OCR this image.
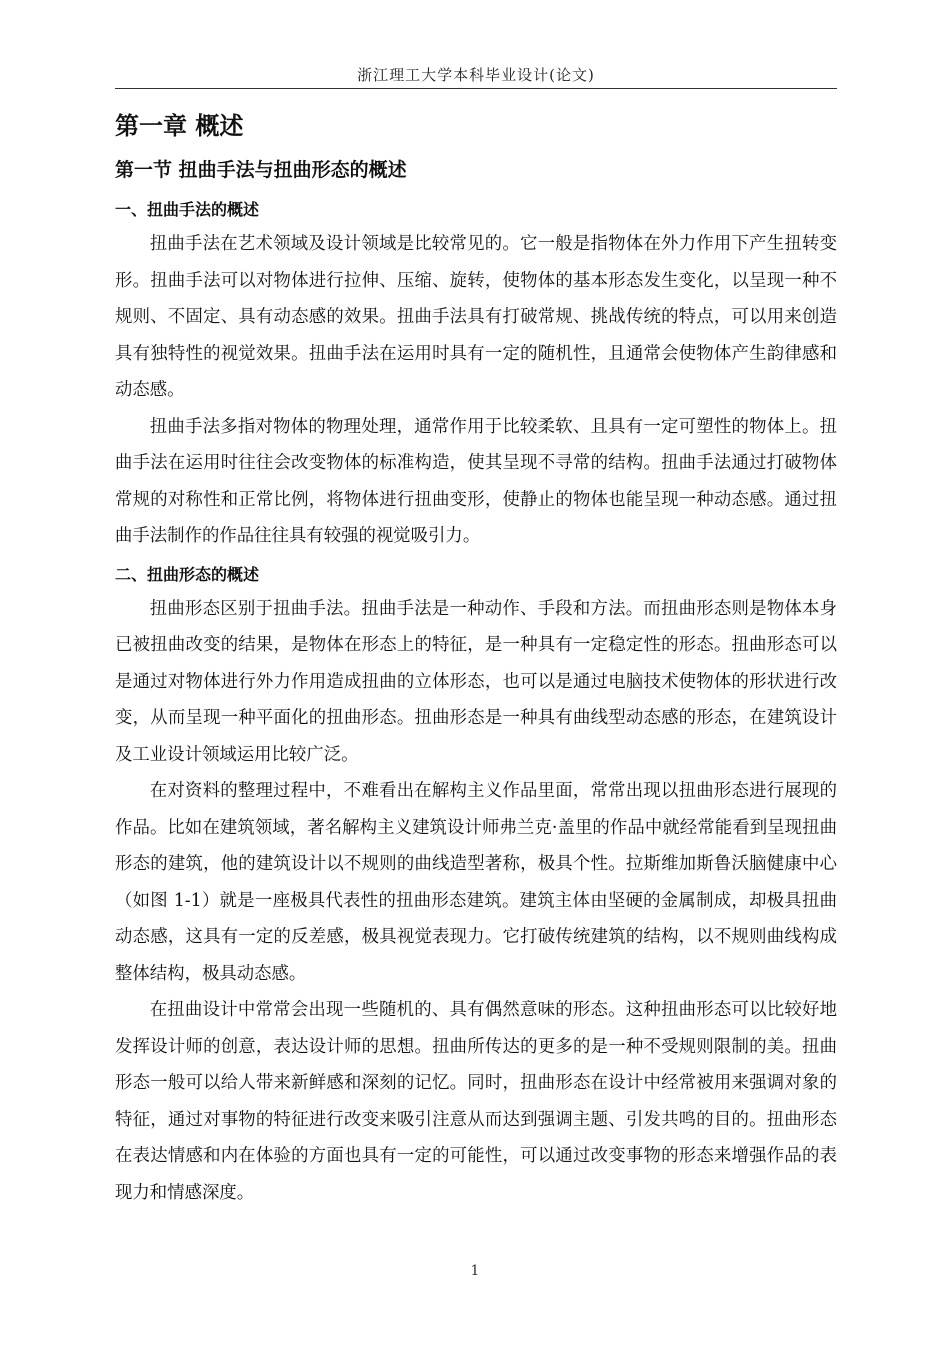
浙江理工大学本科毕业设计(论文)
第一章 概述
第一节 扭曲手法与扭曲形态的概述
一、扭曲手法的概述

扭曲手法在艺术领域及设计领域是比较常见的。它一般是指物体在外力作用下产生扭转变形。扭曲手法可以对物体进行拉伸、压缩、旋转，使物体的基本形态发生变化，以呈现一种不规则、不固定、具有动态感的效果。扭曲手法具有打破常规、挑战传统的特点，可以用来创造具有独特性的视觉效果。扭曲手法在运用时具有一定的随机性，且通常会使物体产生韵律感和动态感。

扭曲手法多指对物体的物理处理，通常作用于比较柔软、且具有一定可塑性的物体上。扭曲手法在运用时往往会改变物体的标准构造，使其呈现不寻常的结构。扭曲手法通过打破物体常规的对称性和正常比例，将物体进行扭曲变形，使静止的物体也能呈现一种动态感。通过扭曲手法制作的作品往往具有较强的视觉吸引力。

二、扭曲形态的概述

扭曲形态区别于扭曲手法。扭曲手法是一种动作、手段和方法。而扭曲形态则是物体本身已被扭曲改变的结果，是物体在形态上的特征，是一种具有一定稳定性的形态。扭曲形态可以是通过对物体进行外力作用造成扭曲的立体形态，也可以是通过电脑技术使物体的形状进行改变，从而呈现一种平面化的扭曲形态。扭曲形态是一种具有曲线型动态感的形态，在建筑设计及工业设计领域运用比较广泛。

在对资料的整理过程中，不难看出在解构主义作品里面，常常出现以扭曲形态进行展现的作品。比如在建筑领域，著名解构主义建筑设计师弗兰克·盖里的作品中就经常能看到呈现扭曲形态的建筑，他的建筑设计以不规则的曲线造型著称，极具个性。拉斯维加斯鲁沃脑健康中心（如图 1-1）就是一座极具代表性的扭曲形态建筑。建筑主体由坚硬的金属制成，却极具扭曲动态感，这具有一定的反差感，极具视觉表现力。它打破传统建筑的结构，以不规则曲线构成整体结构，极具动态感。

在扭曲设计中常常会出现一些随机的、具有偶然意味的形态。这种扭曲形态可以比较好地发挥设计师的创意，表达设计师的思想。扭曲所传达的更多的是一种不受规则限制的美。扭曲形态一般可以给人带来新鲜感和深刻的记忆。同时，扭曲形态在设计中经常被用来强调对象的特征，通过对事物的特征进行改变来吸引注意从而达到强调主题、引发共鸣的目的。扭曲形态在表达情感和内在体验的方面也具有一定的可能性，可以通过改变事物的形态来增强作品的表现力和情感深度。

1
